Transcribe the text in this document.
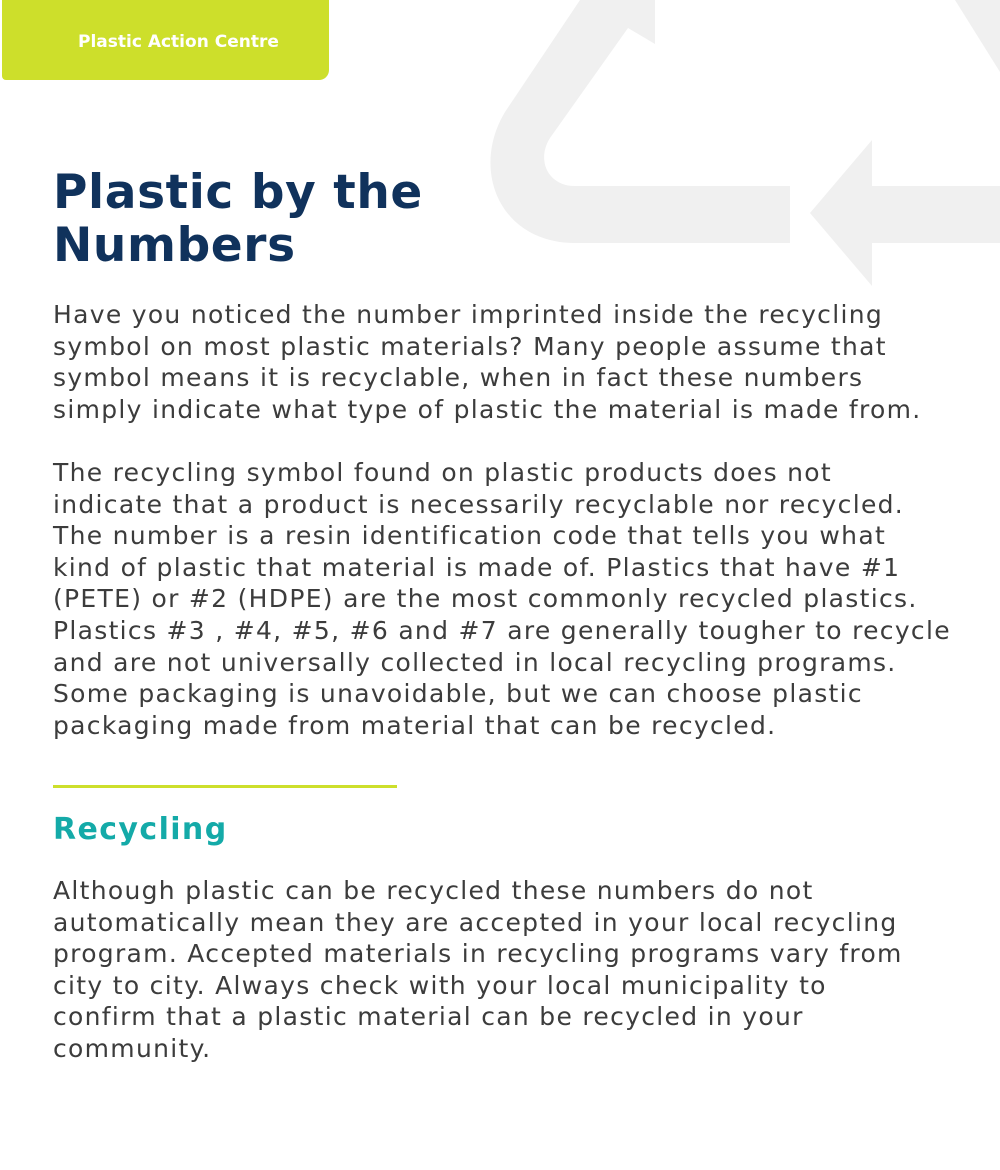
Plastic Action Centre
Plastic by the Numbers

Have you noticed the number imprinted inside the recycling
symbol on most plastic materials? Many people assume that
symbol means it is recyclable, when in fact these numbers
simply indicate what type of plastic the material is made from.

The recycling symbol found on plastic products does not
indicate that a product is necessarily recyclable nor recycled.
The number is a resin identification code that tells you what
kind of plastic that material is made of. Plastics that have #1
(PETE) or #2 (HDPE) are the most commonly recycled plastics.
Plastics #3 , #4, #5, #6 and #7 are generally tougher to recycle
and are not universally collected in local recycling programs.
Some packaging is unavoidable, but we can choose plastic
packaging made from material that can be recycled.

Recycling

Although plastic can be recycled these numbers do not
automatically mean they are accepted in your local recycling
program. Accepted materials in recycling programs vary from
city to city. Always check with your local municipality to
confirm that a plastic material can be recycled in your
community.
